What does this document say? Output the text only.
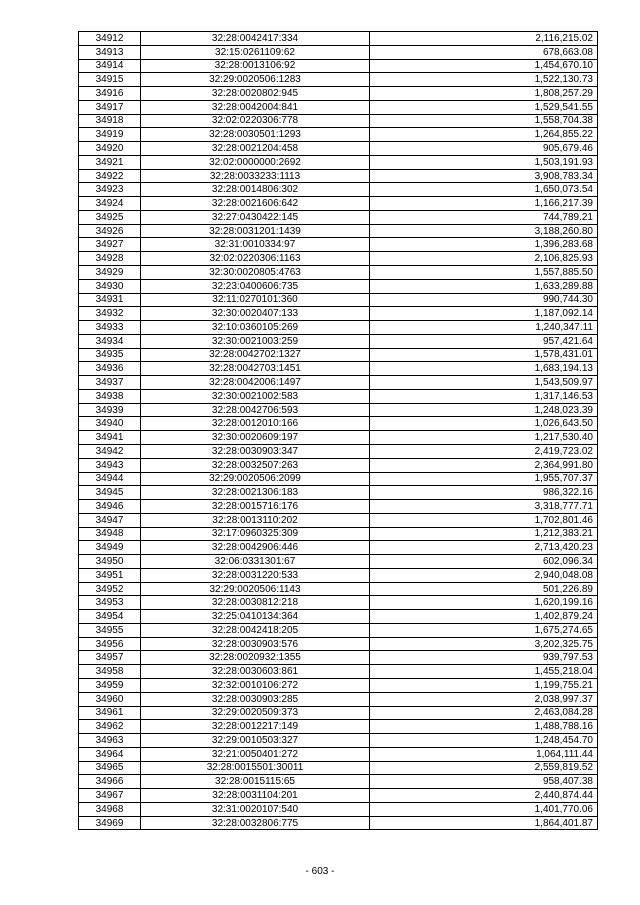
34912	32:28:0042417:334	2,116,215.02
34913	32:15:0261109:62	678,663.08
34914	32:28:0013106:92	1,454,670.10
34915	32:29:0020506:1283	1,522,130.73
34916	32:28:0020802:945	1,808,257.29
34917	32:28:0042004:841	1,529,541.55
34918	32:02:0220306:778	1,558,704.38
34919	32:28:0030501:1293	1,264,855.22
34920	32:28:0021204:458	905,679.46
34921	32:02:0000000:2692	1,503,191.93
34922	32:28:0033233:1113	3,908,783.34
34923	32:28:0014806:302	1,650,073.54
34924	32:28:0021606:642	1,166,217.39
34925	32:27:0430422:145	744,789.21
34926	32:28:0031201:1439	3,188,260.80
34927	32:31:0010334:97	1,396,283.68
34928	32:02:0220306:1163	2,106,825.93
34929	32:30:0020805:4763	1,557,885.50
34930	32:23:0400606:735	1,633,289.88
34931	32:11:0270101:360	990,744.30
34932	32:30:0020407:133	1,187,092.14
34933	32:10:0360105:269	1,240,347.11
34934	32:30:0021003:259	957,421.64
34935	32:28:0042702:1327	1,578,431.01
34936	32:28:0042703:1451	1,683,194.13
34937	32:28:0042006:1497	1,543,509.97
34938	32:30:0021002:583	1,317,146.53
34939	32:28:0042706:593	1,248,023.39
34940	32:28:0012010:166	1,026,643.50
34941	32:30:0020609:197	1,217,530.40
34942	32:28:0030903:347	2,419,723.02
34943	32:28:0032507:263	2,364,991.80
34944	32:29:0020506:2099	1,955,707.37
34945	32:28:0021306:183	986,322.16
34946	32:28:0015716:176	3,318,777.71
34947	32:28:0013110:202	1,702,801.46
34948	32:17:0960325:309	1,212,383.21
34949	32:28:0042906:446	2,713,420.23
34950	32:06:0331301:67	602,096.34
34951	32:28:0031220:533	2,940,048.08
34952	32:29:0020506:1143	501,226.89
34953	32:28:0030812:218	1,620,199.16
34954	32:25:0410134:364	1,402,879.24
34955	32:28:0042418:205	1,675,274.65
34956	32:28:0030903:576	3,202,325.75
34957	32:28:0020932:1355	939,797.53
34958	32:28:0030603:861	1,455,218.04
34959	32:32:0010106:272	1,199,755.21
34960	32:28:0030903:285	2,038,997.37
34961	32:29:0020509:373	2,463,084.28
34962	32:28:0012217:149	1,488,788.16
34963	32:29:0010503:327	1,248,454.70
34964	32:21:0050401:272	1,064,111.44
34965	32:28:0015501:30011	2,559,819.52
34966	32:28:0015115:65	958,407.38
34967	32:28:0031104:201	2,440,874.44
34968	32:31:0020107:540	1,401,770.06
34969	32:28:0032806:775	1,864,401.87
- 603 -
